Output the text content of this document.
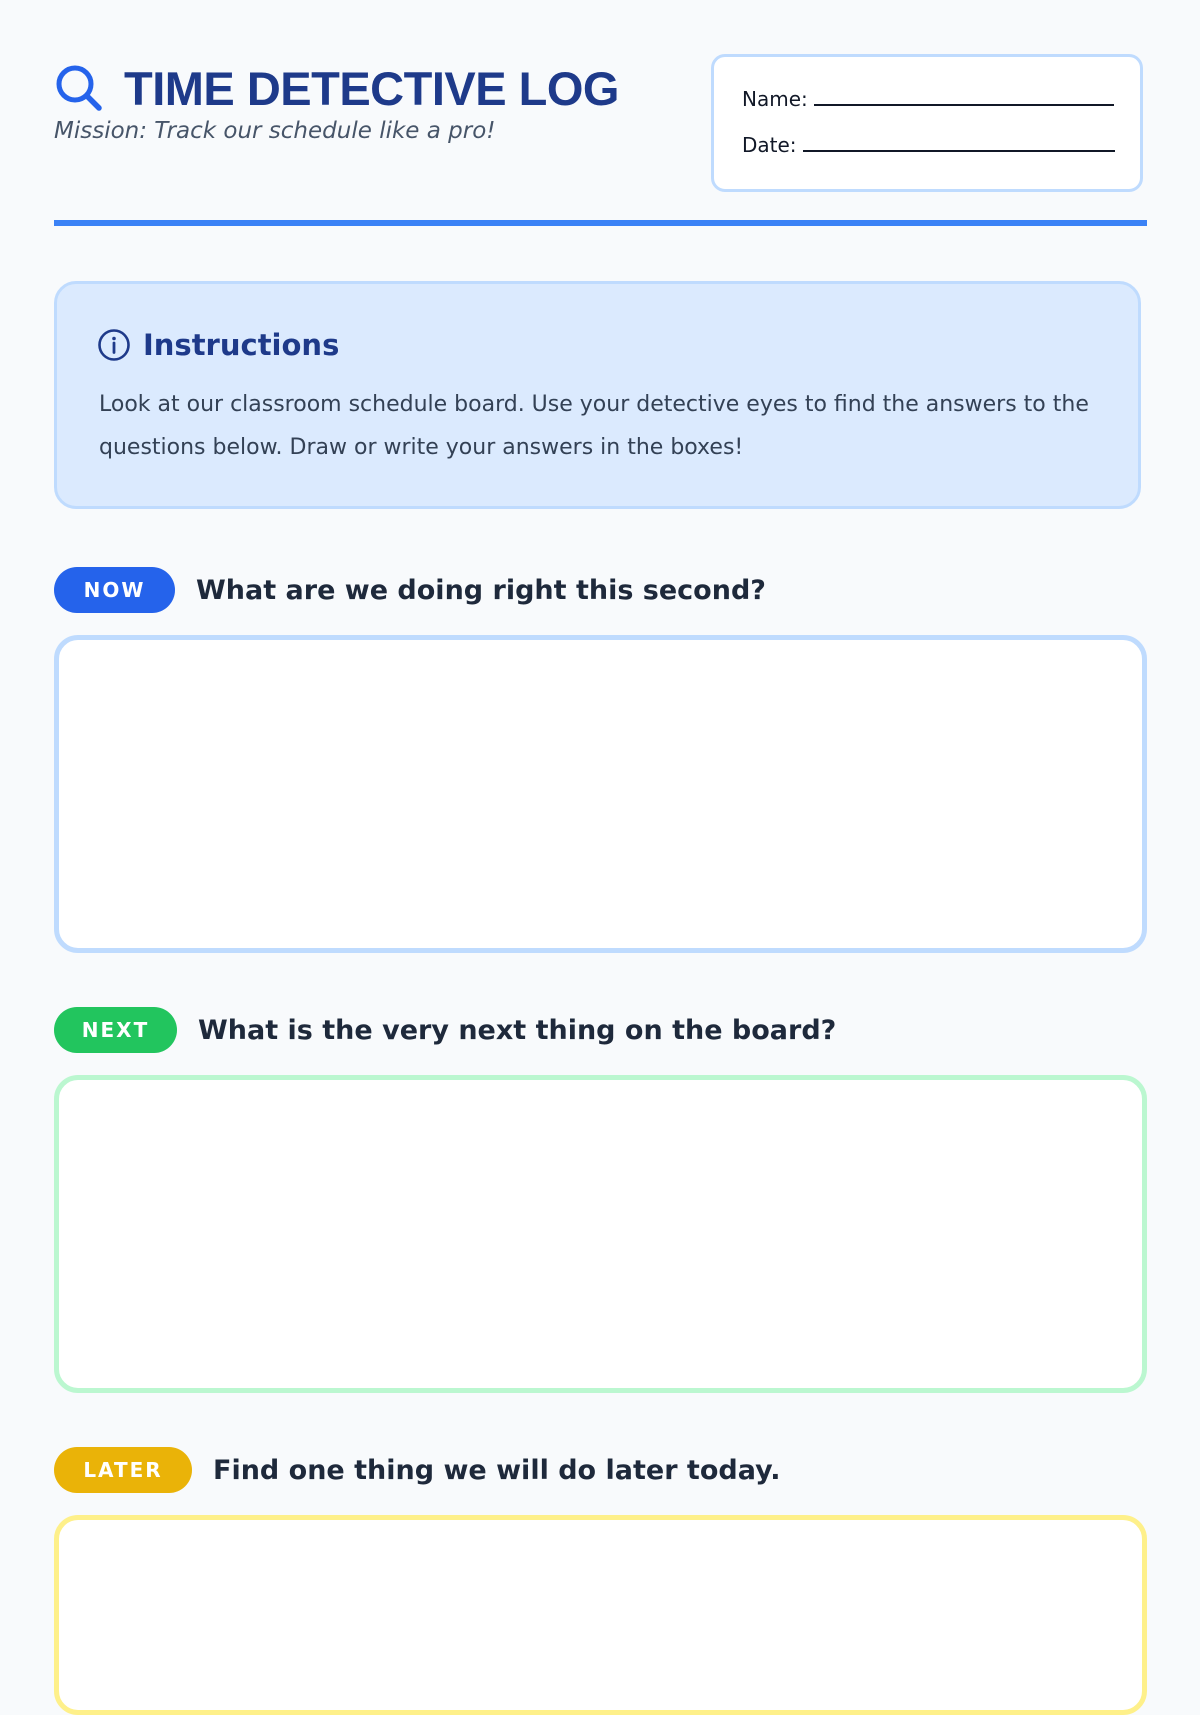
TIME DETECTIVE LOG
Mission: Track our schedule like a pro!
Name:
Date:
Instructions
Look at our classroom schedule board. Use your detective eyes to find the answers to the questions below. Draw or write your answers in the boxes!
NOW	What are we doing right this second?
NEXT	What is the very next thing on the board?
LATER	Find one thing we will do later today.
